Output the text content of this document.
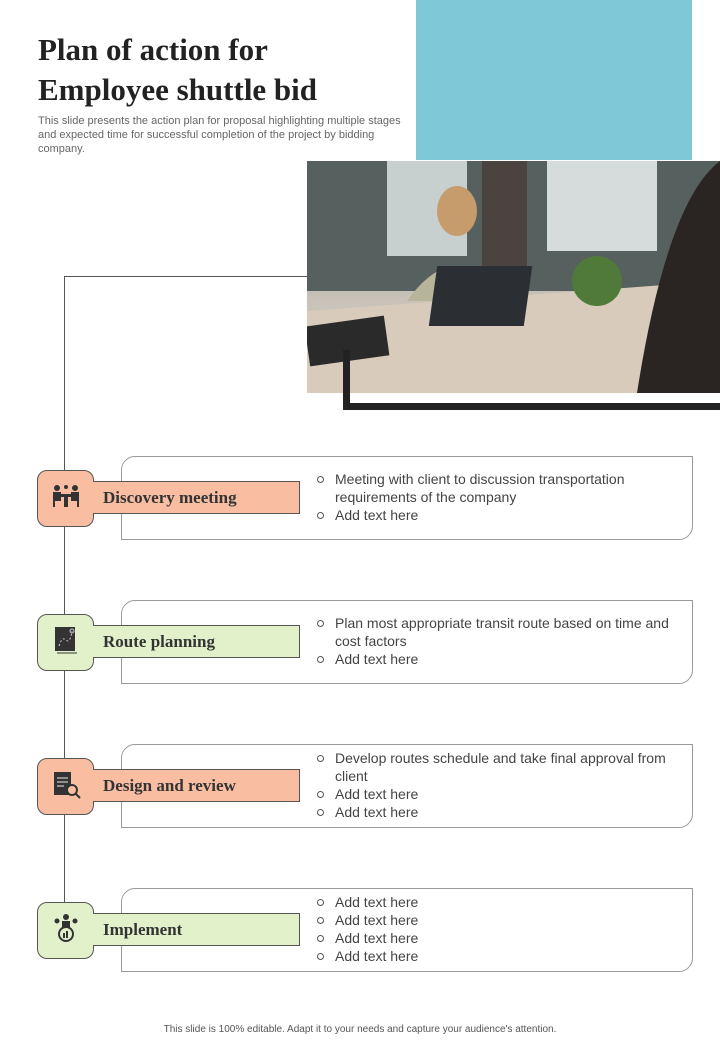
Plan of action for Employee shuttle bid
This slide presents the action plan for proposal highlighting multiple stages and expected time for successful completion of the project by bidding company.
Discovery meeting
Meeting with client to discussion transportation requirements of the company
Add text here
Route planning
Plan most appropriate transit route based on time and cost factors
Add text here
Design and review
Develop routes schedule and take final approval from client
Add text here
Add text here
Implement
Add text here
Add text here
Add text here
Add text here
This slide is 100% editable. Adapt it to your needs and capture your audience's attention.
